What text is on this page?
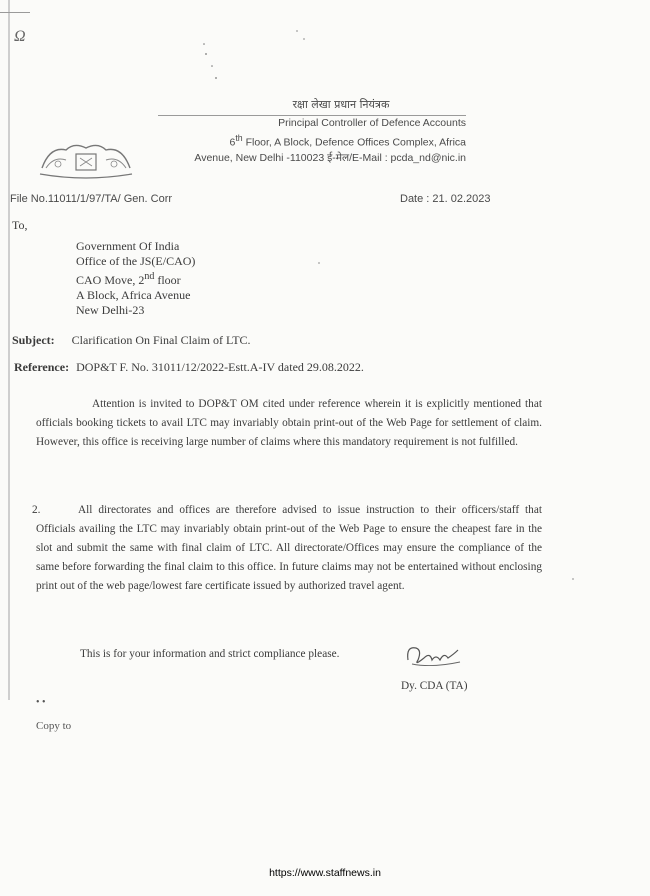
Ω
रक्षा लेखा प्रधान नियंत्रक
Principal Controller of Defence Accounts
6th Floor, A Block, Defence Offices Complex, Africa
Avenue, New Delhi -110023 ई-मेल/E-Mail : pcda_nd@nic.in
File No.11011/1/97/TA/ Gen. Corr	Date : 21. 02.2023
To,
Government Of India
Office of the JS(E/CAO)
CAO Move, 2nd floor
A Block, Africa Avenue
New Delhi-23
Subject: Clarification On Final Claim of LTC.
Reference: DOP&T F. No. 31011/12/2022-Estt.A-IV dated 29.08.2022.
Attention is invited to DOP&T OM cited under reference wherein it is explicitly mentioned that officials booking tickets to avail LTC may invariably obtain print-out of the Web Page for settlement of claim. However, this office is receiving large number of claims where this mandatory requirement is not fulfilled.
2.	All directorates and offices are therefore advised to issue instruction to their officers/staff that Officials availing the LTC may invariably obtain print-out of the Web Page to ensure the cheapest fare in the slot and submit the same with final claim of LTC. All directorate/Offices may ensure the compliance of the same before forwarding the final claim to this office. In future claims may not be entertained without enclosing print out of the web page/lowest fare certificate issued by authorized travel agent.
This is for your information and strict compliance please.
Dy. CDA (TA)
• •
Copy to
https://www.staffnews.in
